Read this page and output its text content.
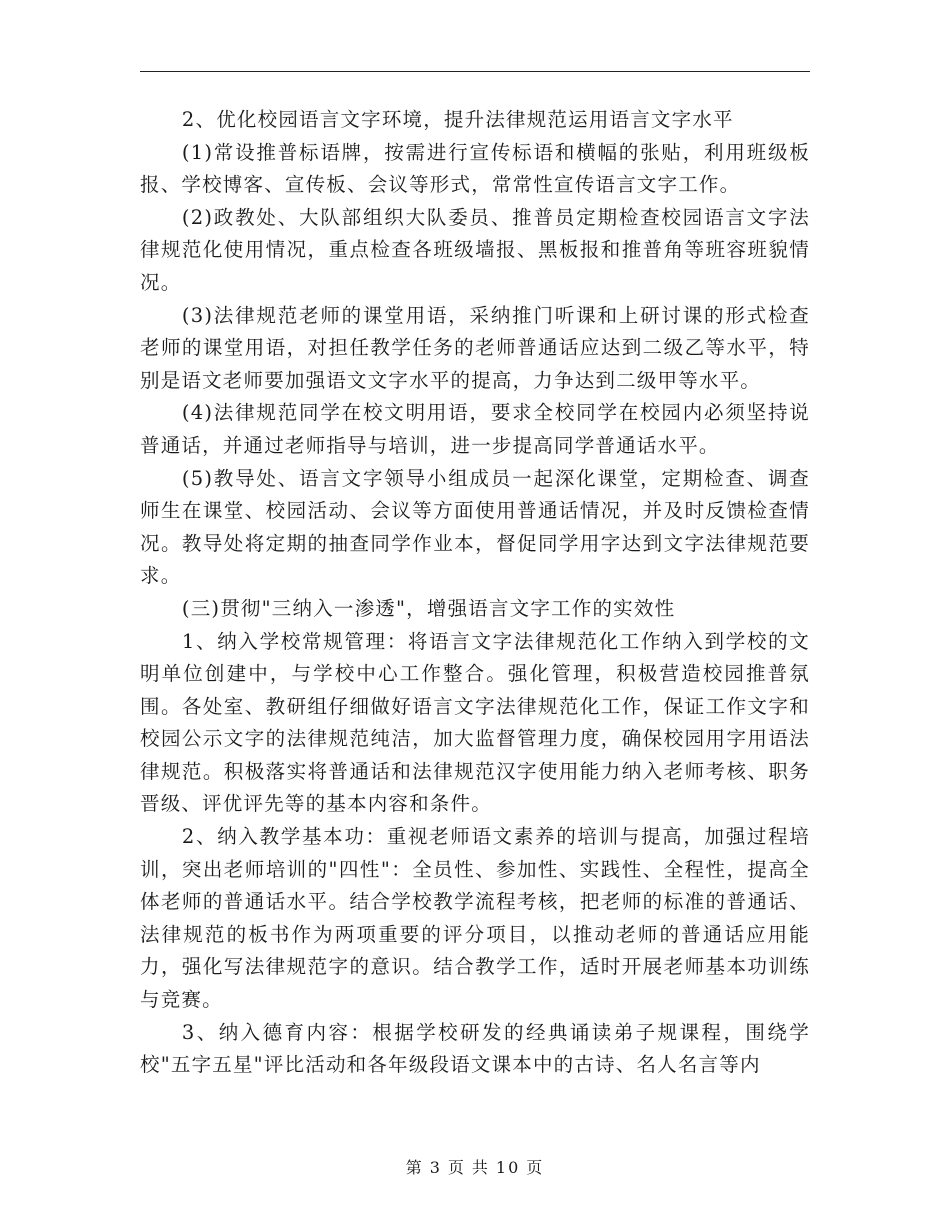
2、优化校园语言文字环境，提升法律规范运用语言文字水平

(1)常设推普标语牌，按需进行宣传标语和横幅的张贴，利用班级板报、学校博客、宣传板、会议等形式，常常性宣传语言文字工作。

(2)政教处、大队部组织大队委员、推普员定期检查校园语言文字法律规范化使用情况，重点检查各班级墙报、黑板报和推普角等班容班貌情况。

(3)法律规范老师的课堂用语，采纳推门听课和上研讨课的形式检查老师的课堂用语，对担任教学任务的老师普通话应达到二级乙等水平，特别是语文老师要加强语文文字水平的提高，力争达到二级甲等水平。

(4)法律规范同学在校文明用语，要求全校同学在校园内必须坚持说普通话，并通过老师指导与培训，进一步提高同学普通话水平。

(5)教导处、语言文字领导小组成员一起深化课堂，定期检查、调查师生在课堂、校园活动、会议等方面使用普通话情况，并及时反馈检查情况。教导处将定期的抽查同学作业本，督促同学用字达到文字法律规范要求。

(三)贯彻"三纳入一渗透"，增强语言文字工作的实效性

1、纳入学校常规管理：将语言文字法律规范化工作纳入到学校的文明单位创建中，与学校中心工作整合。强化管理，积极营造校园推普氛围。各处室、教研组仔细做好语言文字法律规范化工作，保证工作文字和校园公示文字的法律规范纯洁，加大监督管理力度，确保校园用字用语法律规范。积极落实将普通话和法律规范汉字使用能力纳入老师考核、职务晋级、评优评先等的基本内容和条件。

2、纳入教学基本功：重视老师语文素养的培训与提高，加强过程培训，突出老师培训的"四性"：全员性、参加性、实践性、全程性，提高全体老师的普通话水平。结合学校教学流程考核，把老师的标准的普通话、法律规范的板书作为两项重要的评分项目，以推动老师的普通话应用能力，强化写法律规范字的意识。结合教学工作，适时开展老师基本功训练与竞赛。

3、纳入德育内容：根据学校研发的经典诵读弟子规课程，围绕学校"五字五星"评比活动和各年级段语文课本中的古诗、名人名言等内

第 3 页 共 10 页
